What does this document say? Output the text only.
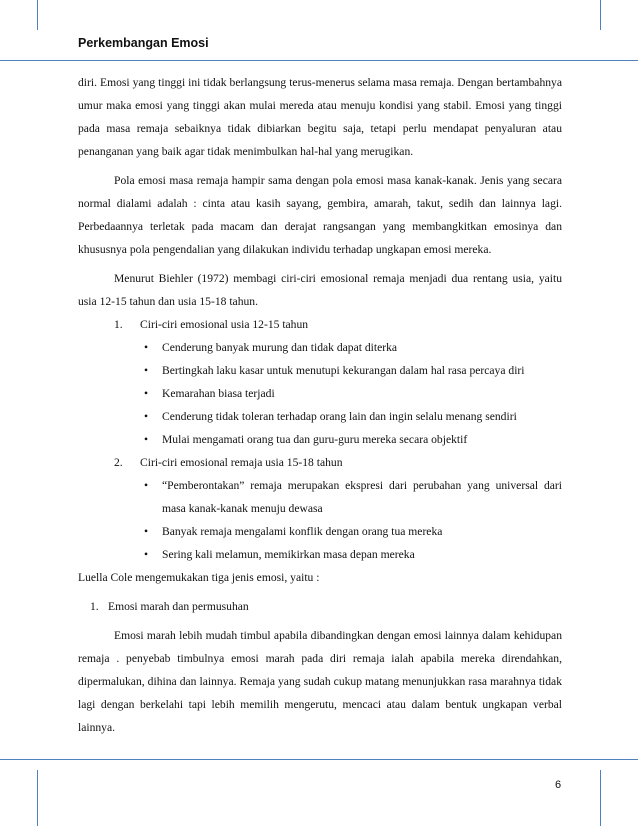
Perkembangan Emosi

diri. Emosi yang tinggi ini tidak berlangsung terus-menerus selama masa remaja. Dengan bertambahnya umur maka emosi yang tinggi akan mulai mereda atau menuju kondisi yang stabil. Emosi yang tinggi pada masa remaja sebaiknya tidak dibiarkan begitu saja, tetapi perlu mendapat penyaluran atau penanganan yang baik agar tidak menimbulkan hal-hal yang merugikan.

Pola emosi masa remaja hampir sama dengan pola emosi masa kanak-kanak. Jenis yang secara normal dialami adalah : cinta atau kasih sayang, gembira, amarah, takut, sedih dan lainnya lagi. Perbedaannya terletak pada macam dan derajat rangsangan yang membangkitkan emosinya dan khususnya pola pengendalian yang dilakukan individu terhadap ungkapan emosi mereka.

Menurut Biehler (1972) membagi ciri-ciri emosional remaja menjadi dua rentang usia, yaitu usia 12-15 tahun dan usia 15-18 tahun.

1. Ciri-ciri emosional usia 12-15 tahun

• Cenderung banyak murung dan tidak dapat diterka
• Bertingkah laku kasar untuk menutupi kekurangan dalam hal rasa percaya diri
• Kemarahan biasa terjadi
• Cenderung tidak toleran terhadap orang lain dan ingin selalu menang sendiri
• Mulai mengamati orang tua dan guru-guru mereka secara objektif

2. Ciri-ciri emosional remaja usia 15-18 tahun

• “Pemberontakan” remaja merupakan ekspresi dari perubahan yang universal dari masa kanak-kanak menuju dewasa
• Banyak remaja mengalami konflik dengan orang tua mereka
• Sering kali melamun, memikirkan masa depan mereka

Luella Cole mengemukakan tiga jenis emosi, yaitu :

1. Emosi marah dan permusuhan

Emosi marah lebih mudah timbul apabila dibandingkan dengan emosi lainnya dalam kehidupan remaja . penyebab timbulnya emosi marah pada diri remaja ialah apabila mereka direndahkan, dipermalukan, dihina dan lainnya. Remaja yang sudah cukup matang menunjukkan rasa marahnya tidak lagi dengan berkelahi tapi lebih memilih mengerutu, mencaci atau dalam bentuk ungkapan verbal lainnya.

6
